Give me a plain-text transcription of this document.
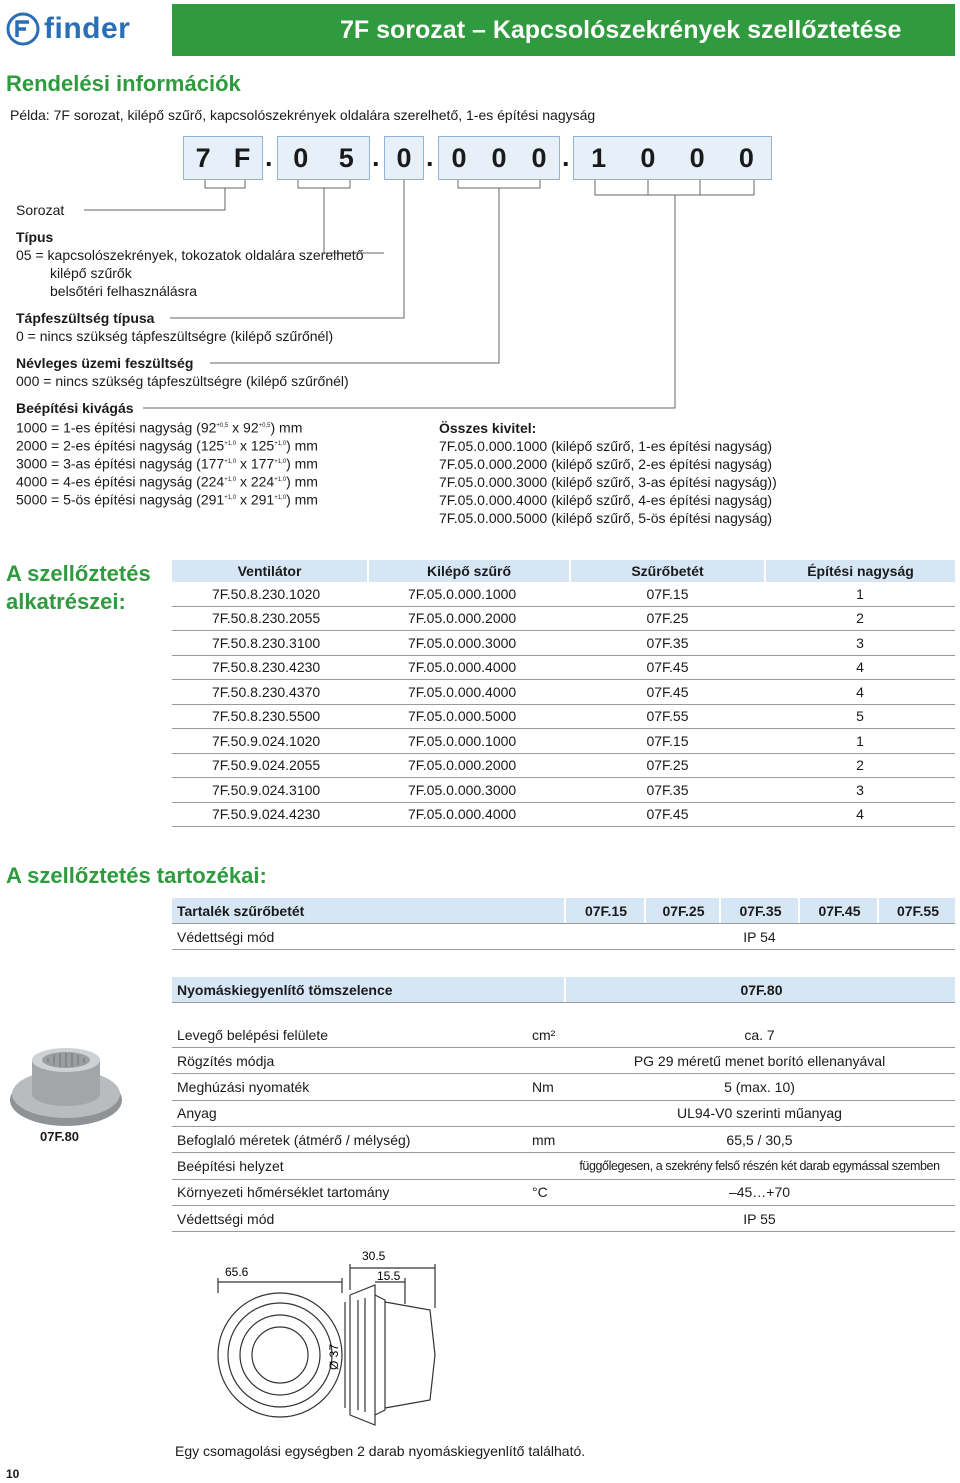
finder	7F sorozat – Kapcsolószekrények szellőztetése
Rendelési információk
Példa: 7F sorozat, kilépő szűrő, kapcsolószekrények oldalára szerelhető, 1-es építési nagyság
7 F . 0 5 . 0 . 0 0 0 . 1 0 0 0
Sorozat
Típus
05 = kapcsolószekrények, tokozatok oldalára szerelhető
kilépő szűrők
belsőtéri felhasználásra
Tápfeszültség típusa
0 = nincs szükség tápfeszültségre (kilépő szűrőnél)
Névleges üzemi feszültség
000 = nincs szükség tápfeszültségre (kilépő szűrőnél)
Beépítési kivágás
1000 = 1-es építési nagyság ($92^{+0,5}$ x $92^{+0,5}$) mm
2000 = 2-es építési nagyság ($125^{+1,0}$ x $125^{+1,0}$) mm
3000 = 3-as építési nagyság ($177^{+1,0}$ x $177^{+1,0}$) mm
4000 = 4-es építési nagyság ($224^{+1,0}$ x $224^{+1,0}$) mm
5000 = 5-ös építési nagyság ($291^{+1,0}$ x $291^{+1,0}$) mm
Összes kivitel:
7F.05.0.000.1000 (kilépő szűrő, 1-es építési nagyság)
7F.05.0.000.2000 (kilépő szűrő, 2-es építési nagyság)
7F.05.0.000.3000 (kilépő szűrő, 3-as építési nagyság))
7F.05.0.000.4000 (kilépő szűrő, 4-es építési nagyság)
7F.05.0.000.5000 (kilépő szűrő, 5-ös építési nagyság)
A szellőztetés
alkatrészei:
Ventilátor	Kilépő szűrő	Szűrőbetét	Építési nagyság
7F.50.8.230.1020	7F.05.0.000.1000	07F.15	1
7F.50.8.230.2055	7F.05.0.000.2000	07F.25	2
7F.50.8.230.3100	7F.05.0.000.3000	07F.35	3
7F.50.8.230.4230	7F.05.0.000.4000	07F.45	4
7F.50.8.230.4370	7F.05.0.000.4000	07F.45	4
7F.50.8.230.5500	7F.05.0.000.5000	07F.55	5
7F.50.9.024.1020	7F.05.0.000.1000	07F.15	1
7F.50.9.024.2055	7F.05.0.000.2000	07F.25	2
7F.50.9.024.3100	7F.05.0.000.3000	07F.35	3
7F.50.9.024.4230	7F.05.0.000.4000	07F.45	4
A szellőztetés tartozékai:
Tartalék szűrőbetét	07F.15	07F.25	07F.35	07F.45	07F.55
Védettségi mód	IP 54
Nyomáskiegyenlítő tömszelence	07F.80
Levegő belépési felülete	cm²	ca. 7
Rögzítés módja	PG 29 méretű menet borító ellenanyával
Meghúzási nyomaték	Nm	5 (max. 10)
Anyag	UL94-V0 szerinti műanyag
Befoglaló méretek (átmérő / mélység)	mm	65,5 / 30,5
Beépítési helyzet	függőlegesen, a szekrény felső részén két darab egymással szemben
Környezeti hőmérséklet tartomány	°C	–45…+70
Védettségi mód	IP 55
07F.80
65.6
30.5
15.5
Ø 37
Egy csomagolási egységben 2 darab nyomáskiegyenlítő található.
10
